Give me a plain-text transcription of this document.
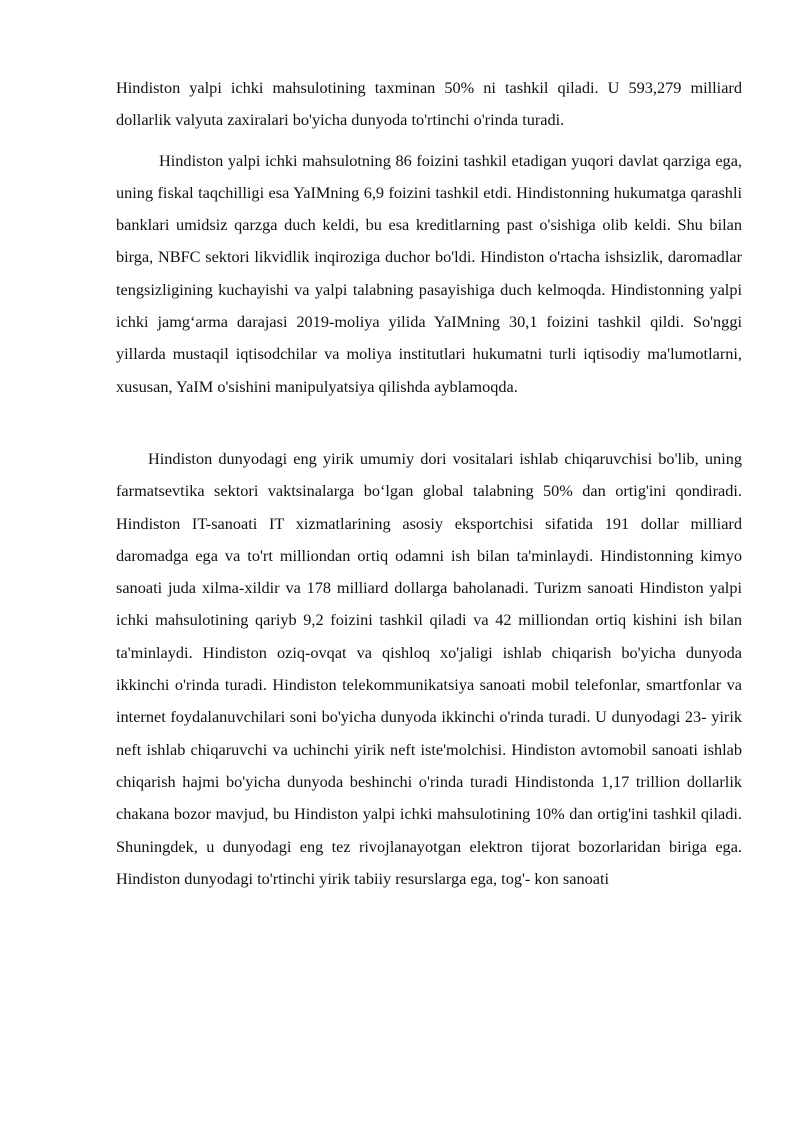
Hindiston yalpi ichki mahsulotining taxminan 50% ni tashkil qiladi. U 593,279 milliard dollarlik valyuta zaxiralari bo'yicha dunyoda to'rtinchi o'rinda turadi.

Hindiston yalpi ichki mahsulotning 86 foizini tashkil etadigan yuqori davlat qarziga ega, uning fiskal taqchilligi esa YaIMning 6,9 foizini tashkil etdi. Hindistonning hukumatga qarashli banklari umidsiz qarzga duch keldi, bu esa kreditlarning past o'sishiga olib keldi. Shu bilan birga, NBFC sektori likvidlik inqiroziga duchor bo'ldi. Hindiston o'rtacha ishsizlik, daromadlar tengsizligining kuchayishi va yalpi talabning pasayishiga duch kelmoqda. Hindistonning yalpi ichki jamg‘arma darajasi 2019-moliya yilida YaIMning 30,1 foizini tashkil qildi. So'nggi yillarda mustaqil iqtisodchilar va moliya institutlari hukumatni turli iqtisodiy ma'lumotlarni, xususan, YaIM o'sishini manipulyatsiya qilishda ayblamoqda.

Hindiston dunyodagi eng yirik umumiy dori vositalari ishlab chiqaruvchisi bo'lib, uning farmatsevtika sektori vaktsinalarga bo‘lgan global talabning 50% dan ortig'ini qondiradi. Hindiston IT-sanoati IT xizmatlarining asosiy eksportchisi sifatida 191 dollar milliard daromadga ega va to'rt milliondan ortiq odamni ish bilan ta'minlaydi. Hindistonning kimyo sanoati juda xilma-xildir va 178 milliard dollarga baholanadi. Turizm sanoati Hindiston yalpi ichki mahsulotining qariyb 9,2 foizini tashkil qiladi va 42 milliondan ortiq kishini ish bilan ta'minlaydi. Hindiston oziq-ovqat va qishloq xo'jaligi ishlab chiqarish bo'yicha dunyoda ikkinchi o'rinda turadi. Hindiston telekommunikatsiya sanoati mobil telefonlar, smartfonlar va internet foydalanuvchilari soni bo'yicha dunyoda ikkinchi o'rinda turadi. U dunyodagi 23- yirik neft ishlab chiqaruvchi va uchinchi yirik neft iste'molchisi. Hindiston avtomobil sanoati ishlab chiqarish hajmi bo'yicha dunyoda beshinchi o'rinda turadi Hindistonda 1,17 trillion dollarlik chakana bozor mavjud, bu Hindiston yalpi ichki mahsulotining 10% dan ortig'ini tashkil qiladi. Shuningdek, u dunyodagi eng tez rivojlanayotgan elektron tijorat bozorlaridan biriga ega. Hindiston dunyodagi to'rtinchi yirik tabiiy resurslarga ega, tog'- kon sanoati
